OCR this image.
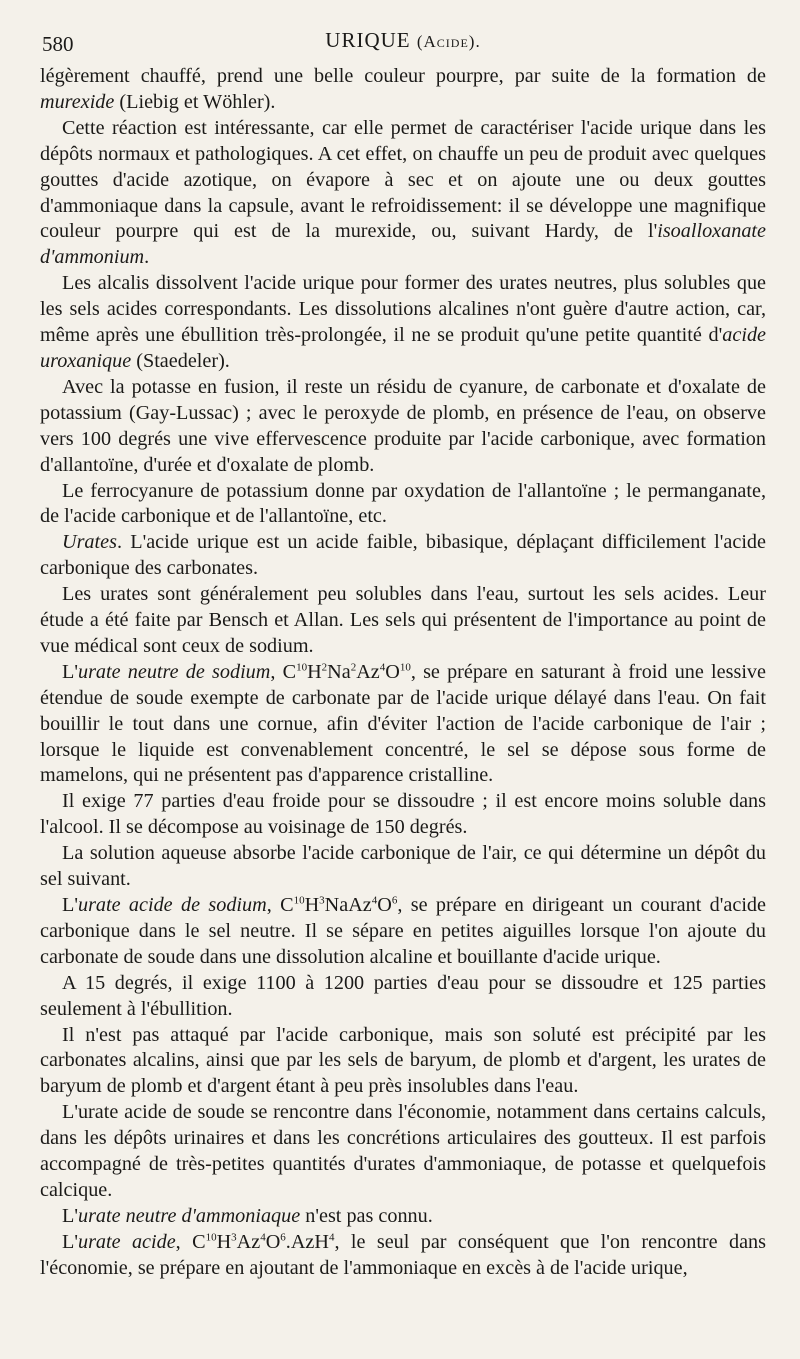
580	URIQUE (Acide).

légèrement chauffé, prend une belle couleur pourpre, par suite de la formation de murexide (Liebig et Wöhler).

Cette réaction est intéressante, car elle permet de caractériser l'acide urique dans les dépôts normaux et pathologiques. A cet effet, on chauffe un peu de produit avec quelques gouttes d'acide azotique, on évapore à sec et on ajoute une ou deux gouttes d'ammoniaque dans la capsule, avant le refroidissement: il se développe une magnifique couleur pourpre qui est de la murexide, ou, suivant Hardy, de l'isoalloxanate d'ammonium.

Les alcalis dissolvent l'acide urique pour former des urates neutres, plus solubles que les sels acides correspondants. Les dissolutions alcalines n'ont guère d'autre action, car, même après une ébullition très-prolongée, il ne se produit qu'une petite quantité d'acide uroxanique (Staedeler).

Avec la potasse en fusion, il reste un résidu de cyanure, de carbonate et d'oxalate de potassium (Gay-Lussac) ; avec le peroxyde de plomb, en présence de l'eau, on observe vers 100 degrés une vive effervescence produite par l'acide carbonique, avec formation d'allantoïne, d'urée et d'oxalate de plomb.

Le ferrocyanure de potassium donne par oxydation de l'allantoïne ; le permanganate, de l'acide carbonique et de l'allantoïne, etc.

Urates. L'acide urique est un acide faible, bibasique, déplaçant difficilement l'acide carbonique des carbonates.

Les urates sont généralement peu solubles dans l'eau, surtout les sels acides. Leur étude a été faite par Bensch et Allan. Les sels qui présentent de l'importance au point de vue médical sont ceux de sodium.

L'urate neutre de sodium, $C^{10}H^2Na^2Az^4O^{10}$, se prépare en saturant à froid une lessive étendue de soude exempte de carbonate par de l'acide urique délayé dans l'eau. On fait bouillir le tout dans une cornue, afin d'éviter l'action de l'acide carbonique de l'air ; lorsque le liquide est convenablement concentré, le sel se dépose sous forme de mamelons, qui ne présentent pas d'apparence cristalline.

Il exige 77 parties d'eau froide pour se dissoudre ; il est encore moins soluble dans l'alcool. Il se décompose au voisinage de 150 degrés.

La solution aqueuse absorbe l'acide carbonique de l'air, ce qui détermine un dépôt du sel suivant.

L'urate acide de sodium, $C^{10}H^3NaAz^4O^6$, se prépare en dirigeant un courant d'acide carbonique dans le sel neutre. Il se sépare en petites aiguilles lorsque l'on ajoute du carbonate de soude dans une dissolution alcaline et bouillante d'acide urique.

A 15 degrés, il exige 1100 à 1200 parties d'eau pour se dissoudre et 125 parties seulement à l'ébullition.

Il n'est pas attaqué par l'acide carbonique, mais son soluté est précipité par les carbonates alcalins, ainsi que par les sels de baryum, de plomb et d'argent, les urates de baryum de plomb et d'argent étant à peu près insolubles dans l'eau.

L'urate acide de soude se rencontre dans l'économie, notamment dans certains calculs, dans les dépôts urinaires et dans les concrétions articulaires des goutteux. Il est parfois accompagné de très-petites quantités d'urates d'ammoniaque, de potasse et quelquefois calcique.

L'urate neutre d'ammoniaque n'est pas connu.

L'urate acide, $C^{10}H^3Az^4O^6.AzH^4$, le seul par conséquent que l'on rencontre dans l'économie, se prépare en ajoutant de l'ammoniaque en excès à de l'acide urique,
